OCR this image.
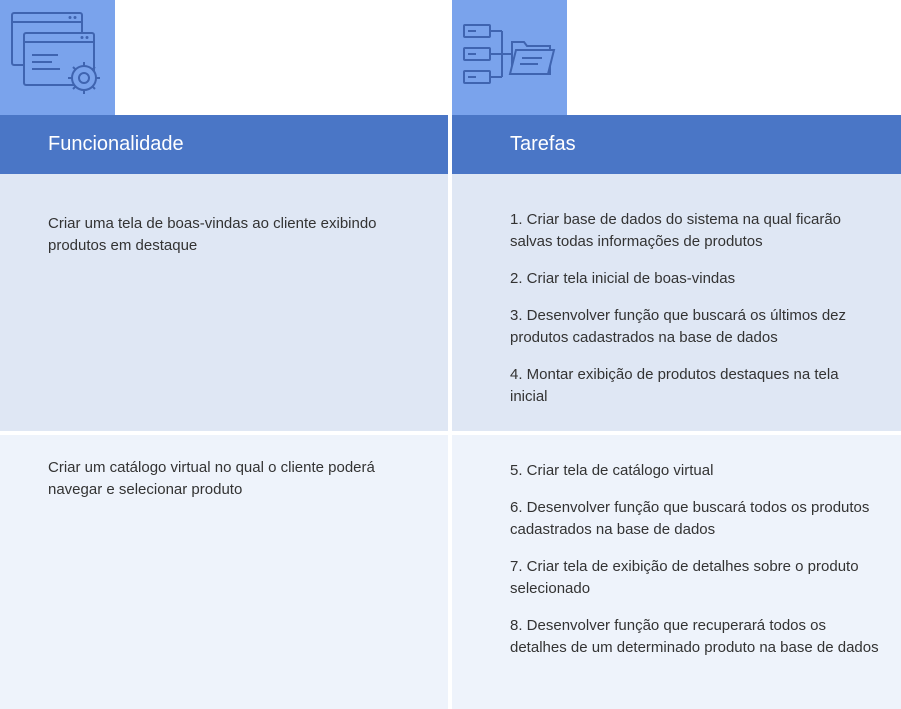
Funcionalidade
Criar uma tela de boas-vindas ao cliente exibindo produtos em destaque
Criar um catálogo virtual no qual o cliente poderá navegar e selecionar produto
Tarefas
1. Criar base de dados do sistema na qual ficarão salvas todas informações de produtos
2. Criar tela inicial de boas-vindas
3. Desenvolver função que buscará os últimos dez produtos cadastrados na base de dados
4. Montar exibição de produtos destaques na tela inicial
5. Criar tela de catálogo virtual
6. Desenvolver função que buscará todos os produtos cadastrados na base de dados
7. Criar tela de exibição de detalhes sobre o produto selecionado
8. Desenvolver função que recuperará todos os detalhes de um determinado produto na base de dados
